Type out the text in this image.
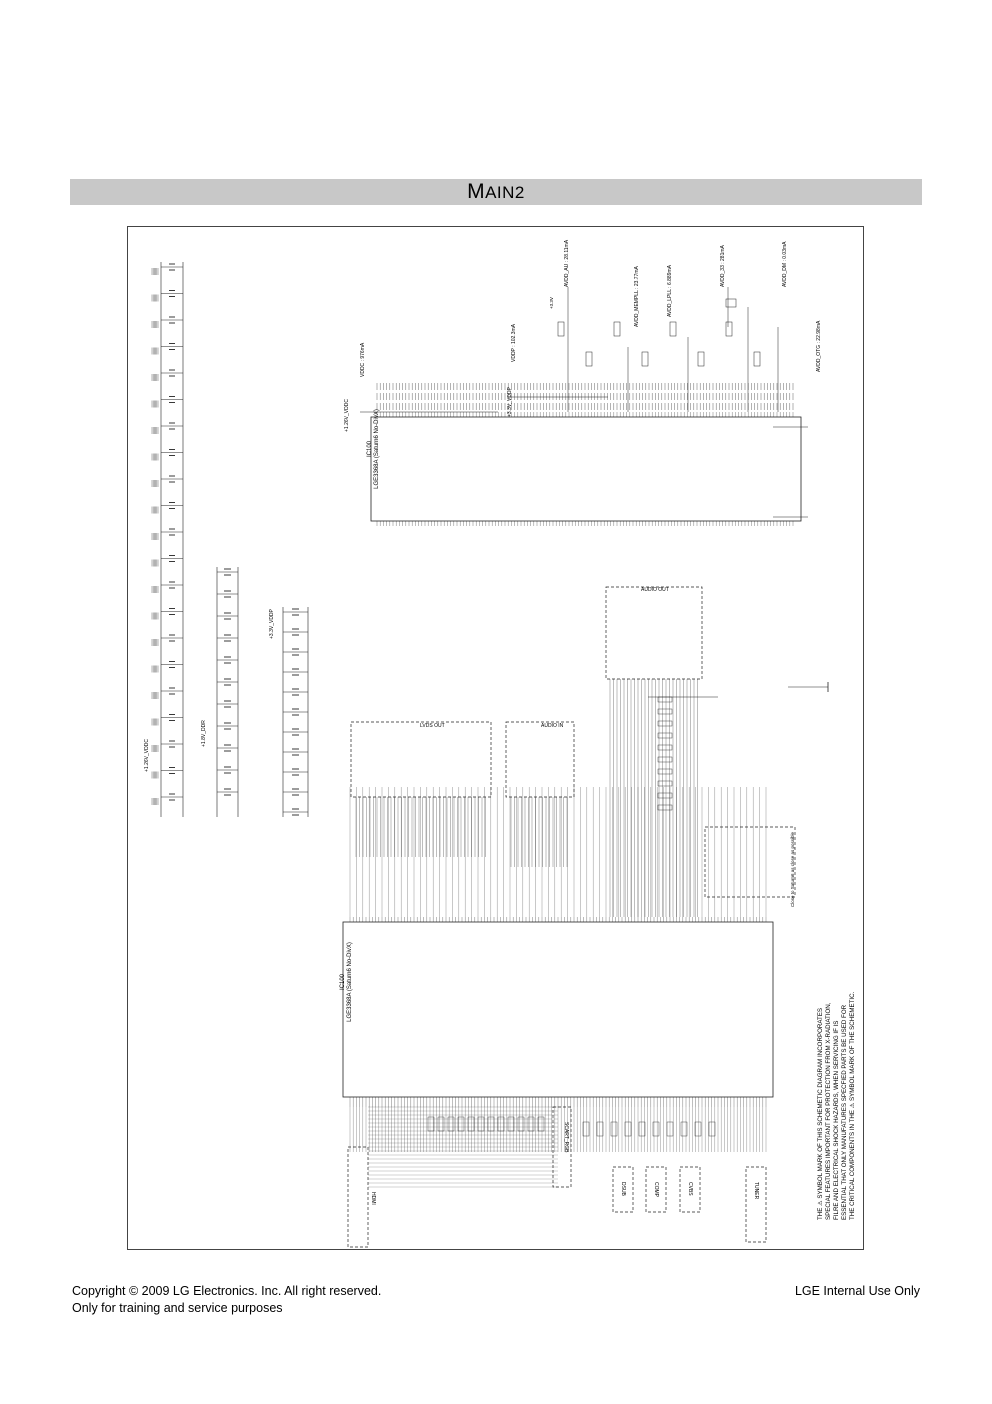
MAIN2
IC100 LGE3368A (Saturn6 No-DivX)
IC100 LGE3368A (Saturn6 No-DivX)
+1.26V_VDDC
+1.8V_DDR
+3.3V_VDDP
+1.26V_VDDC	+3.3V_VDDP
+3.3V
VDDC : 976mA	VDDP : 102.3mA
AVDD_AU : 28.11mA
AVDD_MEMPLL : 23.77mA	AVDD_LPLL : 6.889mA	AVDD_33 : 281mA	AVDD_DM : 0.03mA
AVDD_OTG : 22.98mA
LVDS OUT	AUDIO IN
AUDIO OUT
HDMI
SCART_RGB
DSUB	COMP	CVBS	TUNER
Close to Saturn6 as close as possible
THE ⚠ SYMBOL MARK OF THIS SCHEMETIC DIAGRAM INCORPORATES SPECIAL FEATURES IMPORTANT FOR PROTECTION FROM X-RADIATION, FILRE AND ELECTRICAL SHOCK HAZARDS, WHEN SERVICING IF IS ESSENTIAL THAT ONLY MANUFATURES SPECFIED PARTS BE USED FOR THE CRITICAL COMPONENTS IN THE ⚠ SYMBOL MARK OF THE SCHEMETIC.
Copyright © 2009 LG Electronics. Inc. All right reserved.
Only for training and service purposes
LGE Internal Use Only
